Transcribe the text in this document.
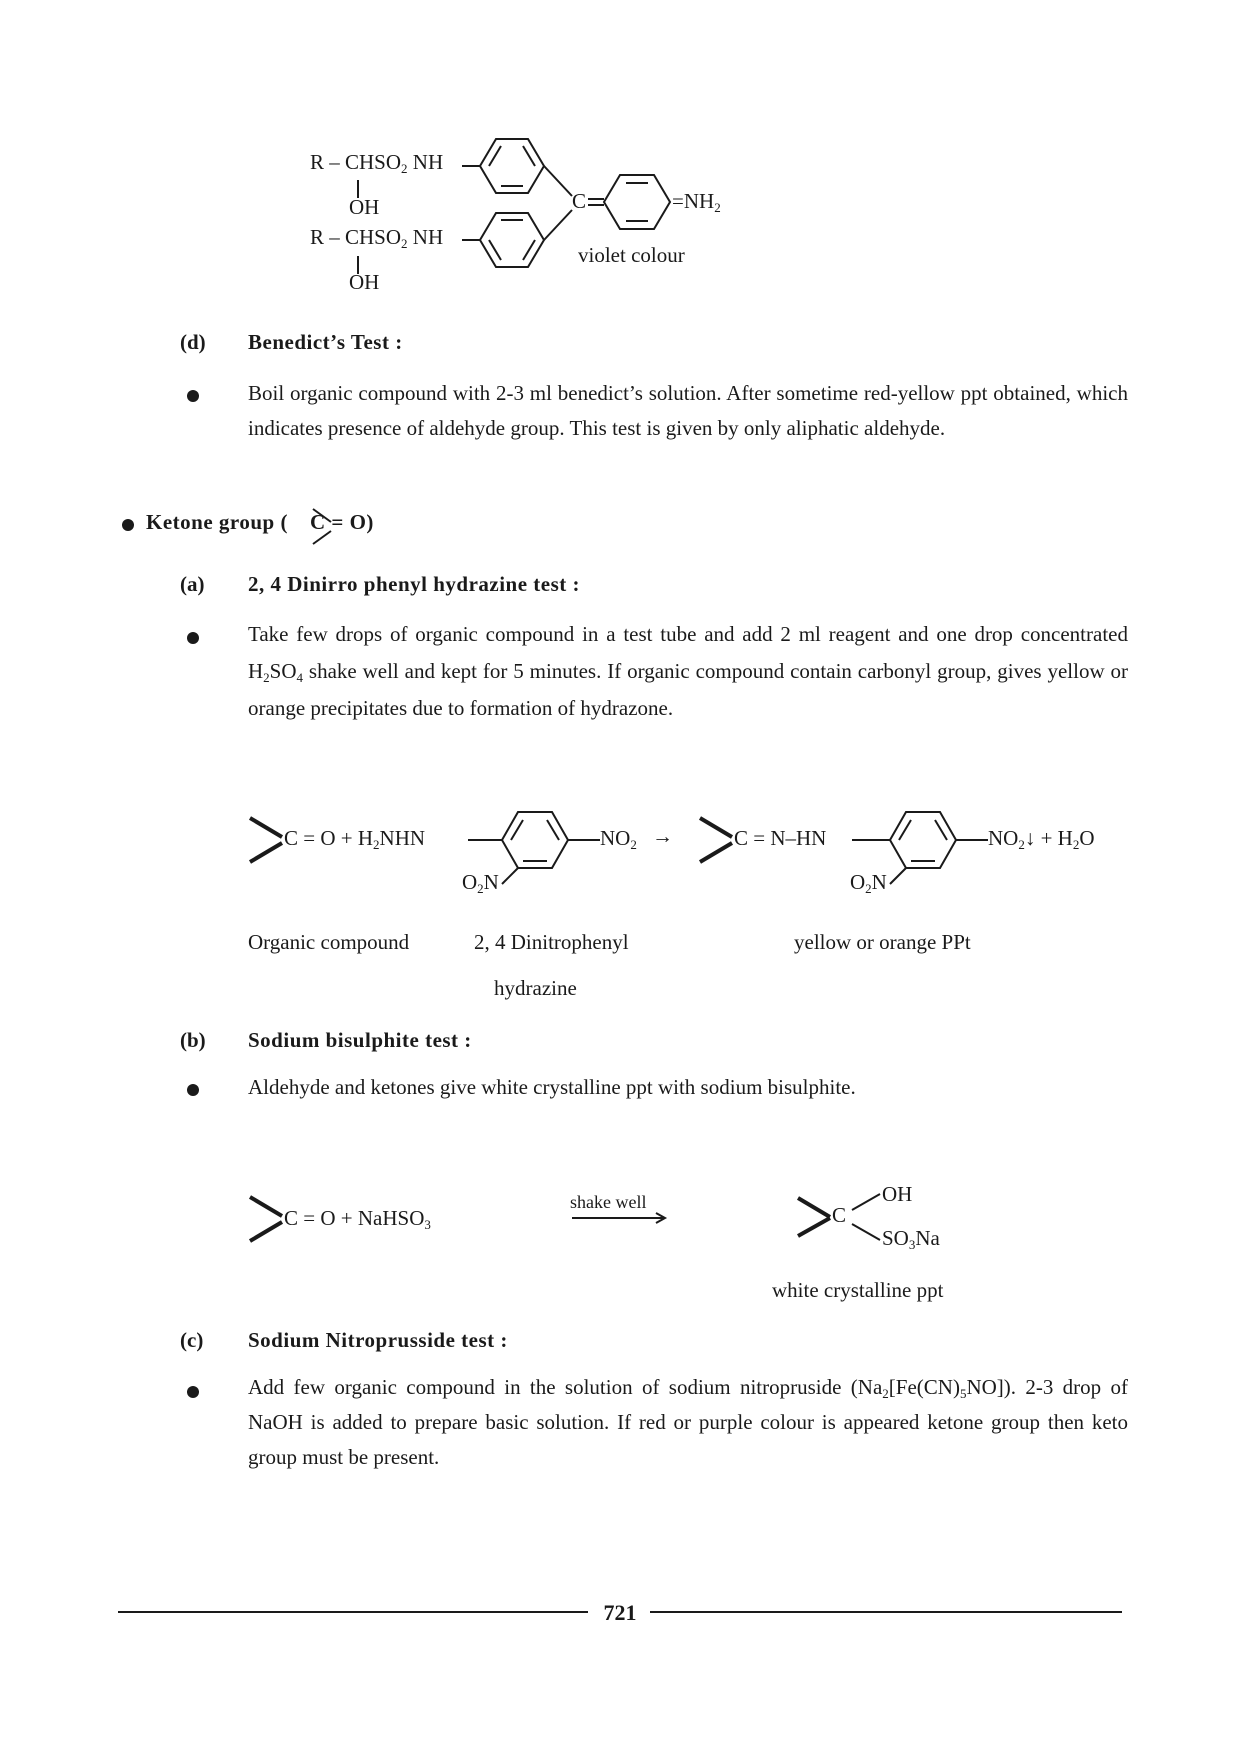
R – $CHSO_2$ NH
OH
R – $CHSO_2$ NH
OH
C	$=NH_2$
violet colour
(d) Benedict’s Test :
Boil organic compound with 2-3 ml benedict’s solution. After sometime red-yellow ppt obtained, which indicates presence of aldehyde group. This test is given by only aliphatic aldehyde.
Ketone group ( C = O)
(a) 2, 4 Dinirro phenyl hydrazine test :
Take few drops of organic compound in a test tube and add 2 ml reagent and one drop concentrated $H_2SO_4$ shake well and kept for 5 minutes. If organic compound contain carbonyl group, gives yellow or orange precipitates due to formation of hydrazone.
$C = O + H_2NHN$	$NO_2$ →
$O_2N$
C = N–HN	$NO_2↓ + H_2O$
$O_2N$
Organic compound	2, 4 Dinitrophenyl
hydrazine
yellow or orange PPt
(b) Sodium bisulphite test :
Aldehyde and ketones give white crystalline ppt with sodium bisulphite.
C = O + NaHSO$_3$
shake well
C
OH
$SO_3Na$
white crystalline ppt
(c) Sodium Nitroprusside test :
Add few organic compound in the solution of sodium nitropruside $(Na_2[Fe(CN)_5NO])$. 2-3 drop of NaOH is added to prepare basic solution. If red or purple colour is appeared ketone group then keto group must be present.
721
